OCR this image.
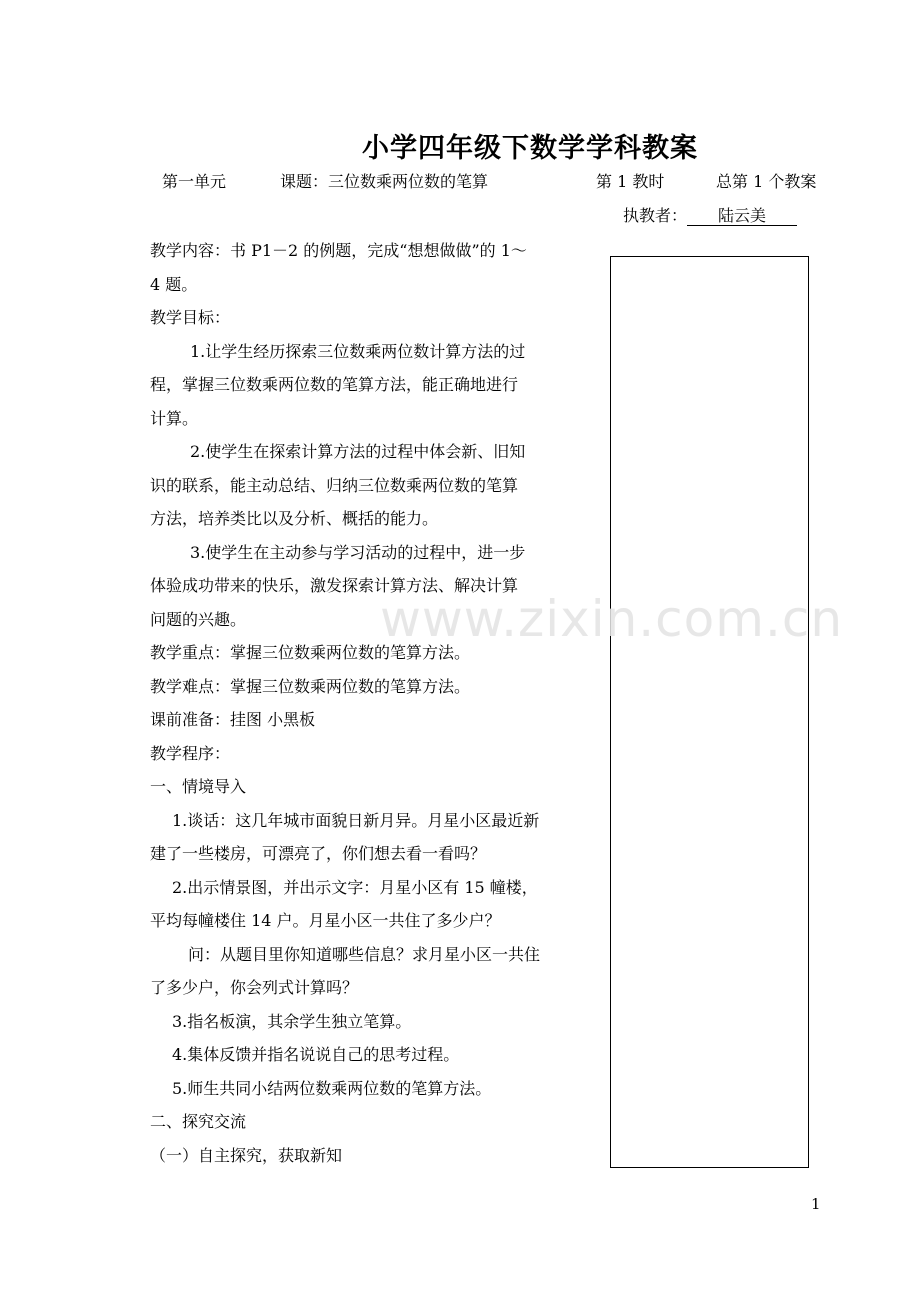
小学四年级下数学学科教案
第一单元	课题：三位数乘两位数的笔算	第 1 教时	总第 1 个教案
执教者： 陆云美
教学内容：书 P1－2 的例题，完成“想想做做”的 1～
4 题。
教学目标：
1.让学生经历探索三位数乘两位数计算方法的过
程，掌握三位数乘两位数的笔算方法，能正确地进行
计算。
2.使学生在探索计算方法的过程中体会新、旧知
识的联系，能主动总结、归纳三位数乘两位数的笔算
方法，培养类比以及分析、概括的能力。
3.使学生在主动参与学习活动的过程中，进一步
体验成功带来的快乐，激发探索计算方法、解决计算
问题的兴趣。
教学重点：掌握三位数乘两位数的笔算方法。
教学难点：掌握三位数乘两位数的笔算方法。
课前准备：挂图 小黑板
教学程序：
一、情境导入
1.谈话：这几年城市面貌日新月异。月星小区最近新
建了一些楼房，可漂亮了，你们想去看一看吗？
2.出示情景图，并出示文字：月星小区有 15 幢楼，
平均每幢楼住 14 户。月星小区一共住了多少户？
问：从题目里你知道哪些信息？求月星小区一共住
了多少户，你会列式计算吗？
3.指名板演，其余学生独立笔算。
4.集体反馈并指名说说自己的思考过程。
5.师生共同小结两位数乘两位数的笔算方法。
二、探究交流
（一）自主探究，获取新知
www.zixin.com.cn
1
